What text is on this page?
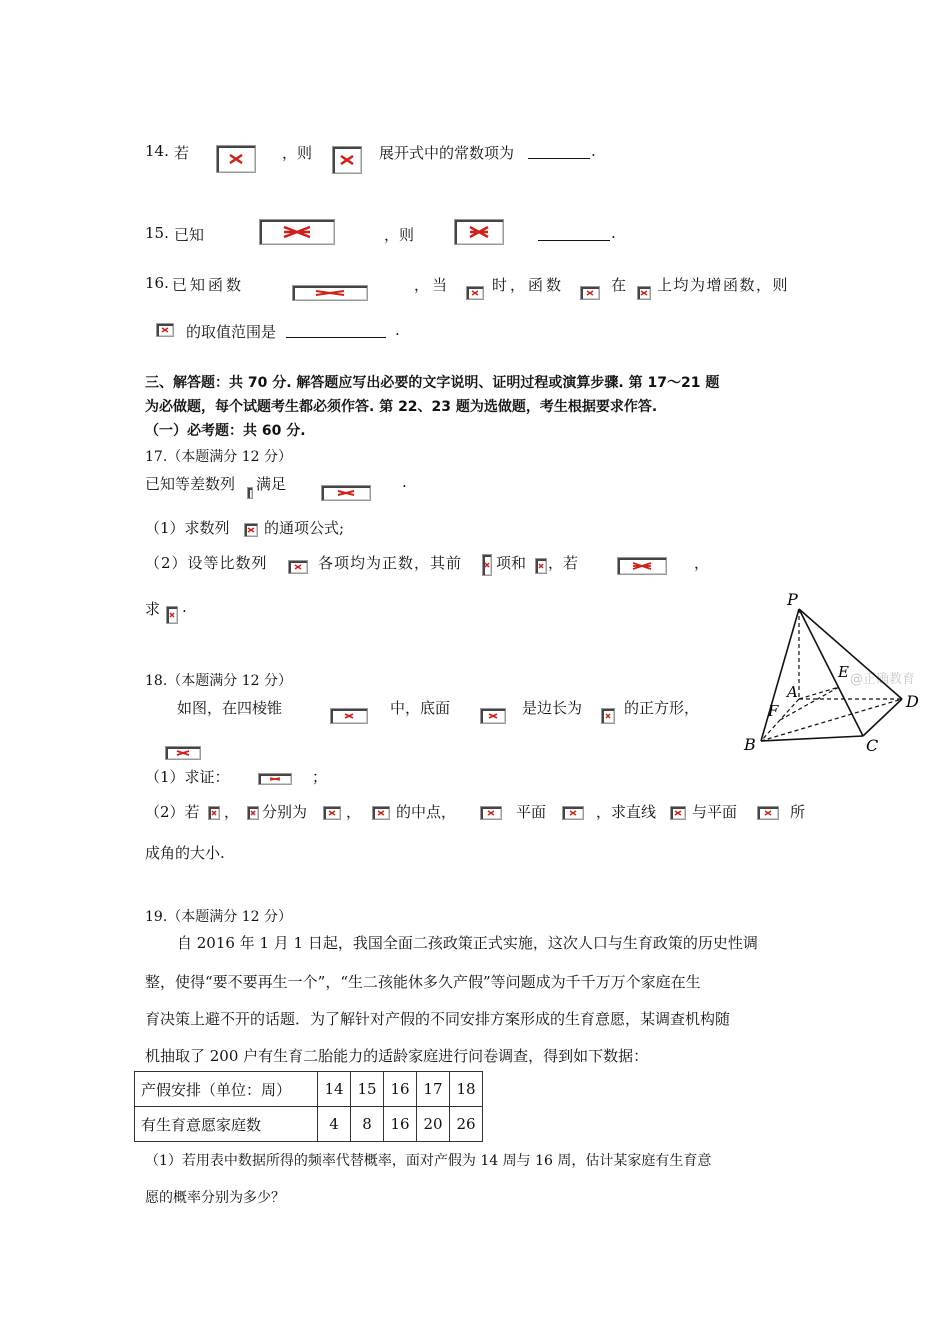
14. 若	，则	展开式中的常数项为	.
15. 已知	，则	.
16. 已知函数	，当	时，函数	在 上均为增函数，则
的取值范围是	.
三、解答题：共 70 分. 解答题应写出必要的文字说明、证明过程或演算步骤. 第 17～21 题
为必做题，每个试题考生都必须作答. 第 22、23 题为选做题，考生根据要求作答.
（一）必考题：共 60 分.
17.（本题满分 12 分）
已知等差数列 满足	.
（1）求数列 的通项公式;
（2）设等比数列	各项均为正数，其前 项和 ，若	，
求 .
@正确教育
P
A
B	C
D
E
F
18.（本题满分 12 分）
如图，在四棱锥	中，底面	是边长为	的正方形，
（1）求证：	；
（2）若 ， 分别为	， 的中点，	平面	，求直线 与平面	所
成角的大小.
19.（本题满分 12 分）
自 2016 年 1 月 1 日起，我国全面二孩政策正式实施，这次人口与生育政策的历史性调
整，使得“要不要再生一个”，“生二孩能休多久产假”等问题成为千千万万个家庭在生
育决策上避不开的话题．为了解针对产假的不同安排方案形成的生育意愿，某调查机构随
机抽取了 200 户有生育二胎能力的适龄家庭进行问卷调查，得到如下数据：
产假安排（单位：周）	14	15	16	17	18
有生育意愿家庭数	4	8	16	20	26
（1）若用表中数据所得的频率代替概率，面对产假为 14 周与 16 周，估计某家庭有生育意
愿的概率分别为多少？
